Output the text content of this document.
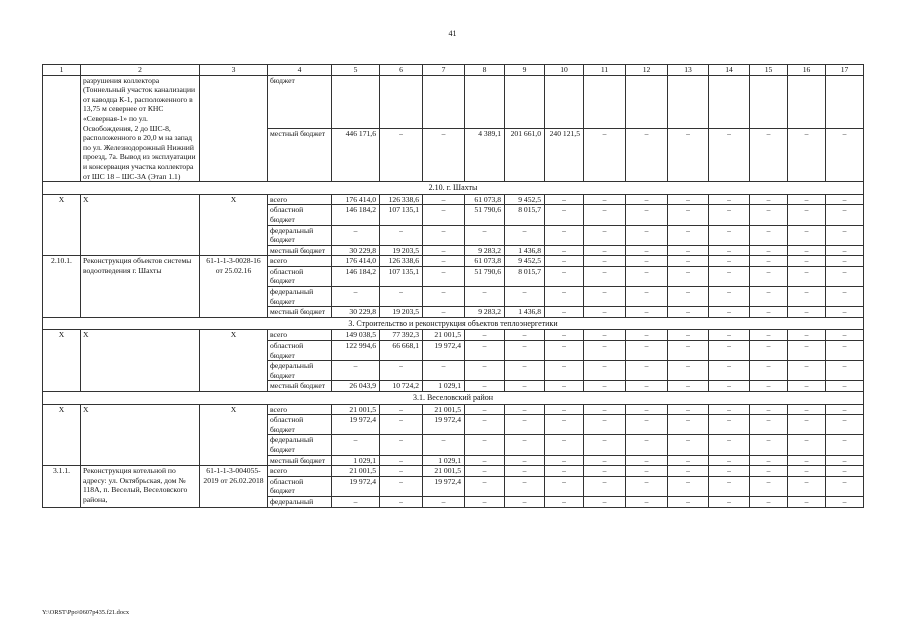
41
1	2	3	4	5	6	7	8	9	10	11	12	13	14	15	16	17
	разрушения коллектора (Тоннельный участок канализации от каводца К-1, расположенного в 13,75 м севернее от КНС «Северная-1» по ул. Освобождения, 2 до ШС-8, расположенного в 20,0 м на запад по ул. Железнодорожный Нижний проезд, 7а. Вывод из эксплуатации и консервация участка коллектора от ШС 18 – ШС-3А (Этап 1.1)		бюджет													
			местный бюджет	446 171,6	–	–	4 389,1	201 661,0	240 121,5	–	–	–	–	–	–	–
2.10. г. Шахты																
Х	Х	Х	всего	176 414,0	126 338,6	–	61 073,8	9 452,5	–	–	–	–	–	–	–	–
			областной бюджет	146 184,2	107 135,1	–	51 790,6	8 015,7	–	–	–	–	–	–	–	–
			федеральный бюджет	–	–	–	–	–	–	–	–	–	–	–	–	–
			местный бюджет	30 229,8	19 203,5	–	9 283,2	1 436,8	–	–	–	–	–	–	–	–
2.10.1.	Реконструкция объектов системы водоотведения г. Шахты	61-1-1-3-0028-16 от 25.02.16	всего	176 414,0	126 338,6	–	61 073,8	9 452,5	–	–	–	–	–	–	–	–
			областной бюджет	146 184,2	107 135,1	–	51 790,6	8 015,7	–	–	–	–	–	–	–	–
			федеральный бюджет	–	–	–	–	–	–	–	–	–	–	–	–	–
			местный бюджет	30 229,8	19 203,5	–	9 283,2	1 436,8	–	–	–	–	–	–	–	–
3. Строительство и реконструкция объектов теплоэнергетики																
Х	Х	Х	всего	149 038,5	77 392,3	21 001,5	–	–	–	–	–	–	–	–	–	–
			областной бюджет	122 994,6	66 668,1	19 972,4	–	–	–	–	–	–	–	–	–	–
			федеральный бюджет	–	–	–	–	–	–	–	–	–	–	–	–	–
			местный бюджет	26 043,9	10 724,2	1 029,1	–	–	–	–	–	–	–	–	–	–
3.1. Веселовский район																
Х	Х	Х	всего	21 001,5	–	21 001,5	–	–	–	–	–	–	–	–	–	–
			областной бюджет	19 972,4	–	19 972,4	–	–	–	–	–	–	–	–	–	–
			федеральный бюджет	–	–	–	–	–	–	–	–	–	–	–	–	–
			местный бюджет	1 029,1	–	1 029,1	–	–	–	–	–	–	–	–	–	–
3.1.1.	Реконструкция котельной по адресу: ул. Октябрьская, дом № 118А, п. Веселый, Веселовского района,	61-1-1-3-004055-2019 от 26.02.2018	всего	21 001,5	–	21 001,5	–	–	–	–	–	–	–	–	–	–
			областной бюджет	19 972,4	–	19 972,4	–	–	–	–	–	–	–	–	–	–
			федеральный	–	–	–	–	–	–	–	–	–	–	–	–	–
Y:\ORST\Ppo\0607p435.f21.docx
